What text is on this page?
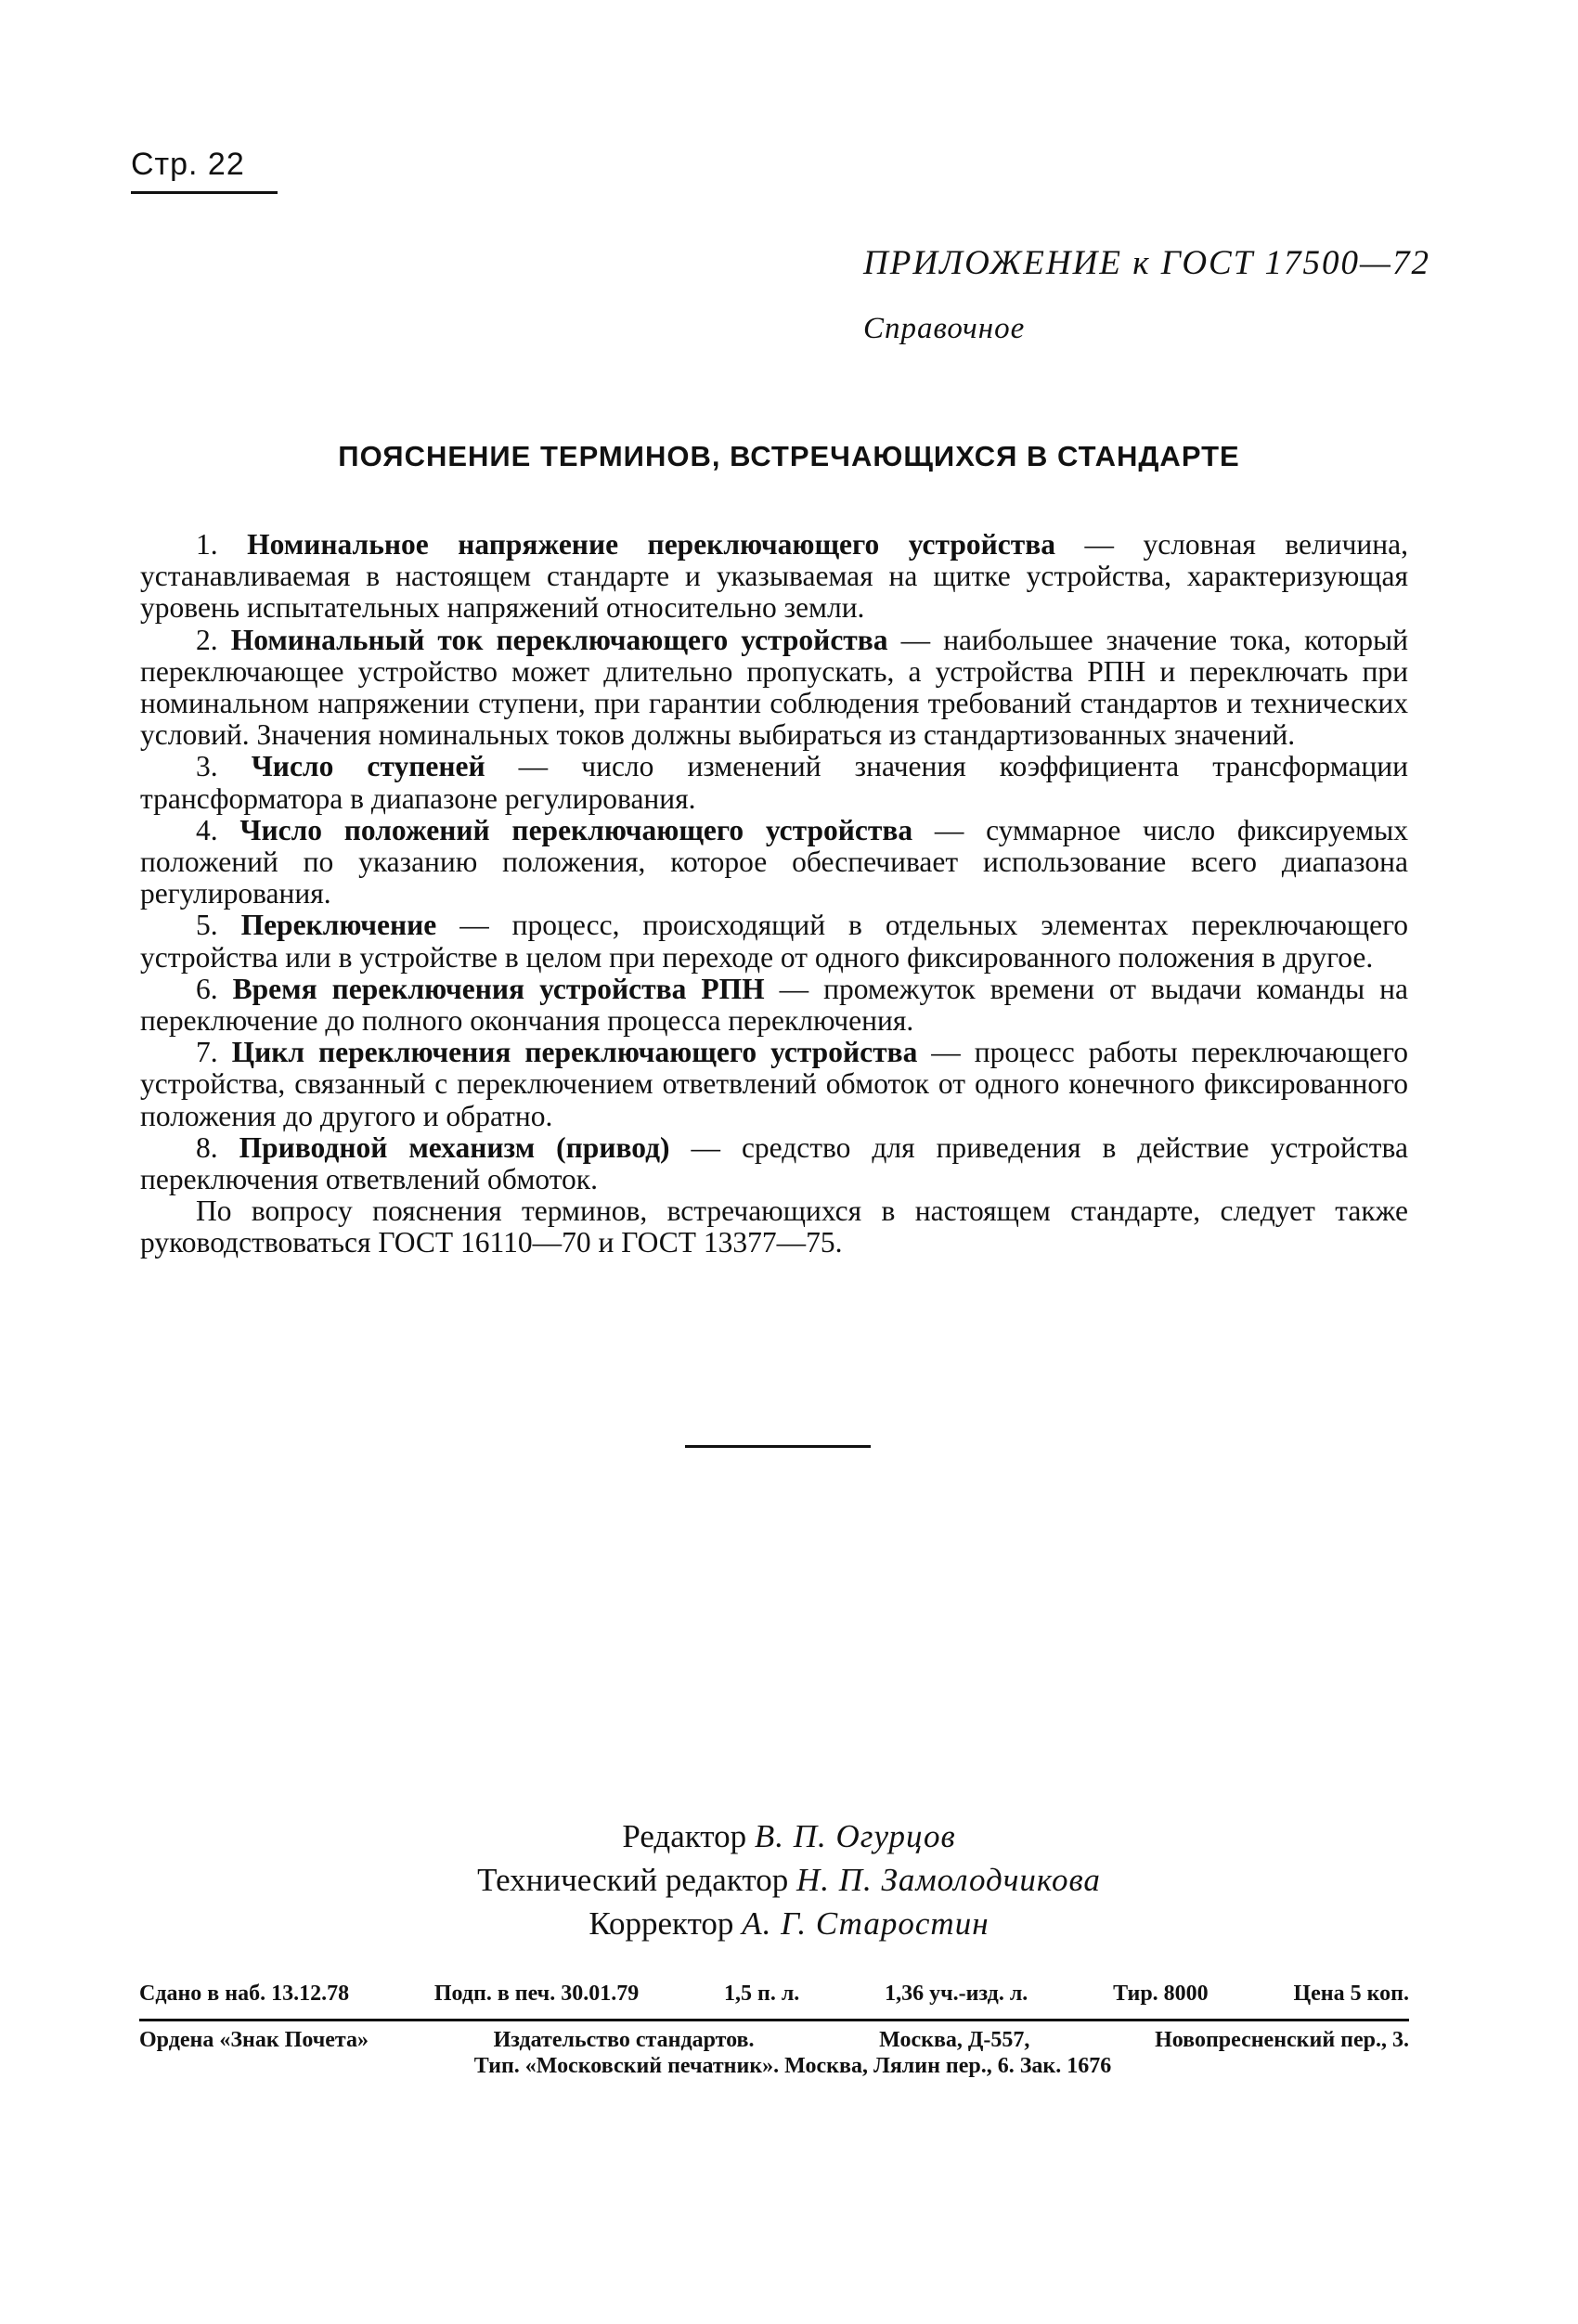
Стр. 22
ПРИЛОЖЕНИЕ к ГОСТ 17500—72
Справочное
ПОЯСНЕНИЕ ТЕРМИНОВ, ВСТРЕЧАЮЩИХСЯ В СТАНДАРТЕ

1. Номинальное напряжение переключающего устройства — условная величина, устанавливаемая в настоящем стандарте и указываемая на щитке устройства, характеризующая уровень испытательных напряжений относительно земли.

2. Номинальный ток переключающего устройства — наибольшее значение тока, который переключающее устройство может длительно пропускать, а устройства РПН и переключать при номинальном напряжении ступени, при гарантии соблюдения требований стандартов и технических условий. Значения номинальных токов должны выбираться из стандартизованных значений.

3. Число ступеней — число изменений значения коэффициента трансформации трансформатора в диапазоне регулирования.

4. Число положений переключающего устройства — суммарное число фиксируемых положений по указанию положения, которое обеспечивает использование всего диапазона регулирования.

5. Переключение — процесс, происходящий в отдельных элементах переключающего устройства или в устройстве в целом при переходе от одного фиксированного положения в другое.

6. Время переключения устройства РПН — промежуток времени от выдачи команды на переключение до полного окончания процесса переключения.

7. Цикл переключения переключающего устройства — процесс работы переключающего устройства, связанный с переключением ответвлений обмоток от одного конечного фиксированного положения до другого и обратно.

8. Приводной механизм (привод) — средство для приведения в действие устройства переключения ответвлений обмоток.

По вопросу пояснения терминов, встречающихся в настоящем стандарте, следует также руководствоваться ГОСТ 16110—70 и ГОСТ 13377—75.

Редактор В. П. Огурцов
Технический редактор Н. П. Замолодчикова
Корректор А. Г. Старостин
Сдано в наб. 13.12.78	Подп. в печ. 30.01.79	1,5 п. л.	1,36 уч.-изд. л.	Тир. 8000	Цена 5 коп.
Ордена «Знак Почета»	Издательство стандартов.	Москва, Д-557,	Новопресненский пер., 3.
Тип. «Московский печатник». Москва, Лялин пер., 6. Зак. 1676
